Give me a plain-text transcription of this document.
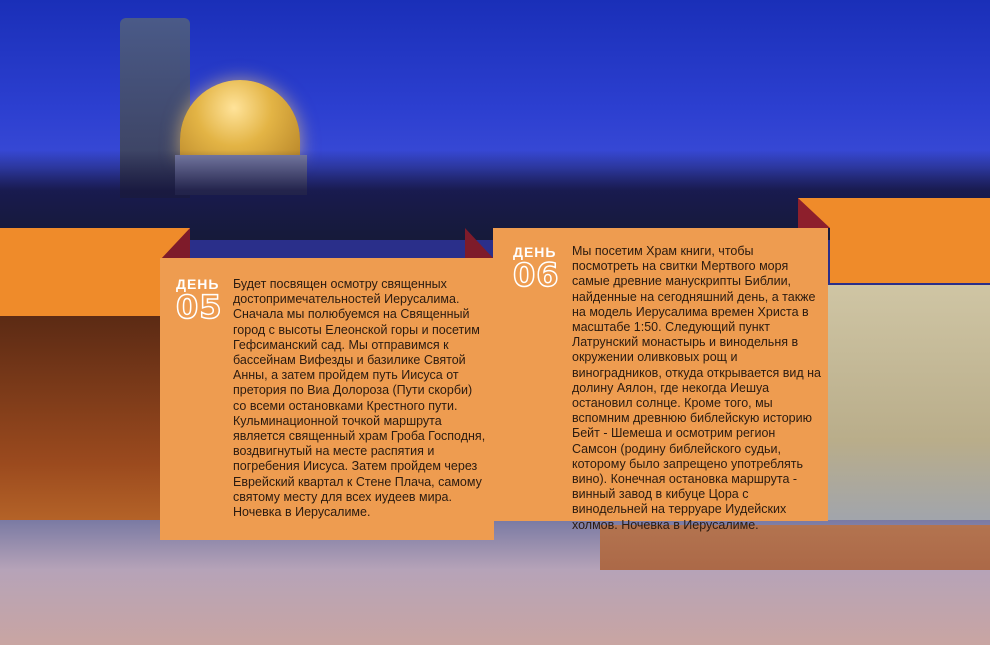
ДЕНЬ
05

Будет посвящен осмотру священных достопримечательностей Иерусалима. Сначала мы полюбуемся на Священный город с высоты Елеонской горы и посетим Гефсиманский сад. Мы отправимся к бассейнам Вифезды и базилике Святой Анны, а затем пройдем путь Иисуса от претория по Виа Долороза (Пути скорби) со всеми остановками Крестного пути. Кульминационной точкой маршрута является священный храм Гроба Господня, воздвигнутый на месте распятия и погребения Иисуса. Затем пройдем через Еврейский квартал к Стене Плача, самому святому месту для всех иудеев мира. Ночевка в Иерусалиме.

ДЕНЬ
06

Мы посетим Храм книги, чтобы посмотреть на свитки Мертвого моря самые древние манускрипты Библии, найденные на сегодняшний день, а также на модель Иерусалима времен Христа в масштабе 1:50. Следующий пункт Латрунский монастырь и винодельня в окружении оливковых рощ и виноградников, откуда открывается вид на долину Аялон, где некогда Иешуа остановил солнце. Кроме того, мы вспомним древнюю библейскую историю Бейт - Шемеша и осмотрим регион Самсон (родину библейского судьи, которому было запрещено употреблять вино). Конечная остановка маршрута - винный завод в кибуце Цора с винодельней на терруаре Иудейских холмов. Ночевка в Иерусалиме.
